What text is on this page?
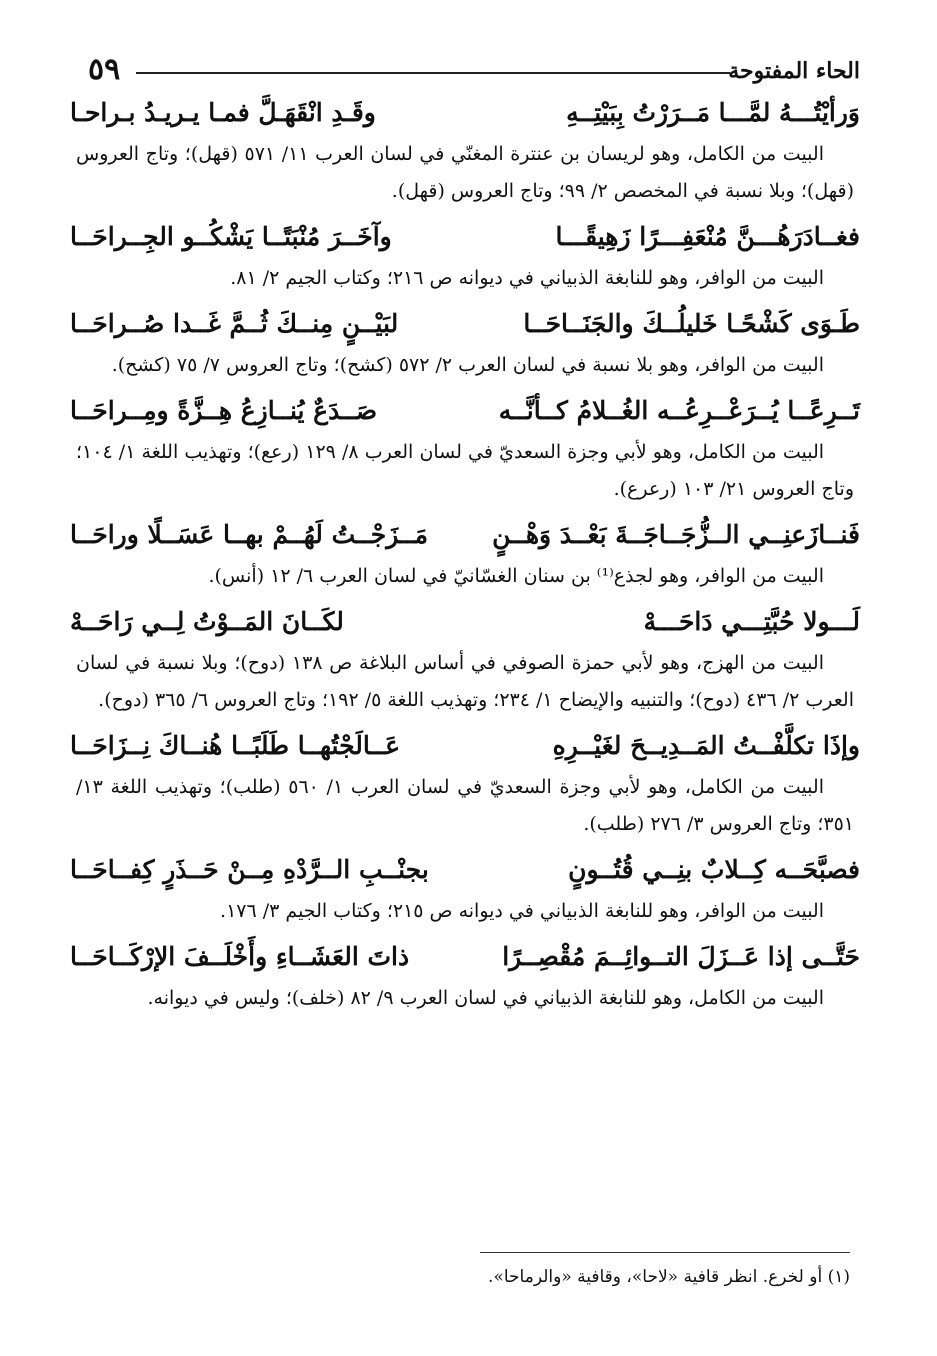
٥٩	الحاء المفتوحة
وَرأيْتُـــهُ لمَّـــا مَــرَرْتُ بِبَيْتِــهِ
وقَـدِ انْقَهَـلَّ فمـا يـريـدُ بـراحـا
البيت من الكامل، وهو لريسان بن عنترة المغنّي في لسان العرب ١١/ ٥٧١ (قهل)؛ وتاج العروس (قهل)؛ وبلا نسبة في المخصص ٢/ ٩٩؛ وتاج العروس (قهل).
فغــادَرَهُـــنَّ مُنْعَفِـــرًا زَهِيقًـــا
وآخَــرَ مُنْبَتًــا يَشْكُــو الجِــراحَــا
البيت من الوافر، وهو للنابغة الذبياني في ديوانه ص ٢١٦؛ وكتاب الجيم ٢/ ٨١.
طَـوَى كَشْحًـا خَليلُــكَ والجَنَــاحَــا
لبَيْــنٍ مِنــكَ ثُــمَّ غَــدا صُــراحَــا
البيت من الوافر، وهو بلا نسبة في لسان العرب ٢/ ٥٧٢ (كشح)؛ وتاج العروس ٧/ ٧٥ (كشح).
تَــرِعًــا يُــرَعْــرِعُــه الغُــلامُ كــأنَّــه
صَــدَعٌ يُنــازِعُ هِــزَّةً ومِــراحَــا
البيت من الكامل، وهو لأبي وجزة السعديّ في لسان العرب ٨/ ١٢٩ (رعع)؛ وتهذيب اللغة ١/ ١٠٤؛ وتاج العروس ٢١/ ١٠٣ (رعرع).
فَنــازَعنِــي الــزُّجَــاجَــةَ بَعْــدَ وَهْــنٍ
مَــزَجْــتُ لَهُــمْ بهــا عَسَــلًا وراحَــا
البيت من الوافر، وهو لجذع⁽¹⁾ بن سنان الغسّانيّ في لسان العرب ٦/ ١٢ (أنس).
لَـــولا حُبَّتِـــي دَاحَـــهْ
لكَــانَ المَــوْتُ لِــي رَاحَــهْ
البيت من الهزج، وهو لأبي حمزة الصوفي في أساس البلاغة ص ١٣٨ (دوح)؛ وبلا نسبة في لسان العرب ٢/ ٤٣٦ (دوح)؛ والتنبيه والإيضاح ١/ ٢٣٤؛ وتهذيب اللغة ٥/ ١٩٢؛ وتاج العروس ٦/ ٣٦٥ (دوح).
وإذَا تكلَّفْــتُ المَــدِيــحَ لغَيْــرِهِ
عَــالَجْتُهــا طَلَبًــا هُنــاكَ نِــزَاحَــا
البيت من الكامل، وهو لأبي وجزة السعديّ في لسان العرب ١/ ٥٦٠ (طلب)؛ وتهذيب اللغة ١٣/ ٣٥١؛ وتاج العروس ٣/ ٢٧٦ (طلب).
فصبَّحَــه كِــلابٌ بنِــي قُتُــونٍ
بجنْــبِ الــرَّدْهِ مِــنْ حَــذَرٍ كِفــاحَــا
البيت من الوافر، وهو للنابغة الذبياني في ديوانه ص ٢١٥؛ وكتاب الجيم ٣/ ١٧٦.
حَتَّــى إذا عَــزَلَ التــوائِــمَ مُقْصِــرًا
ذاتَ العَشَــاءِ وأَخْلَــفَ الإرْكَــاحَــا
البيت من الكامل، وهو للنابغة الذبياني في لسان العرب ٩/ ٨٢ (خلف)؛ وليس في ديوانه.
(١) أو لخرع. انظر قافية «لاحا»، وقافية «والرماحا».
